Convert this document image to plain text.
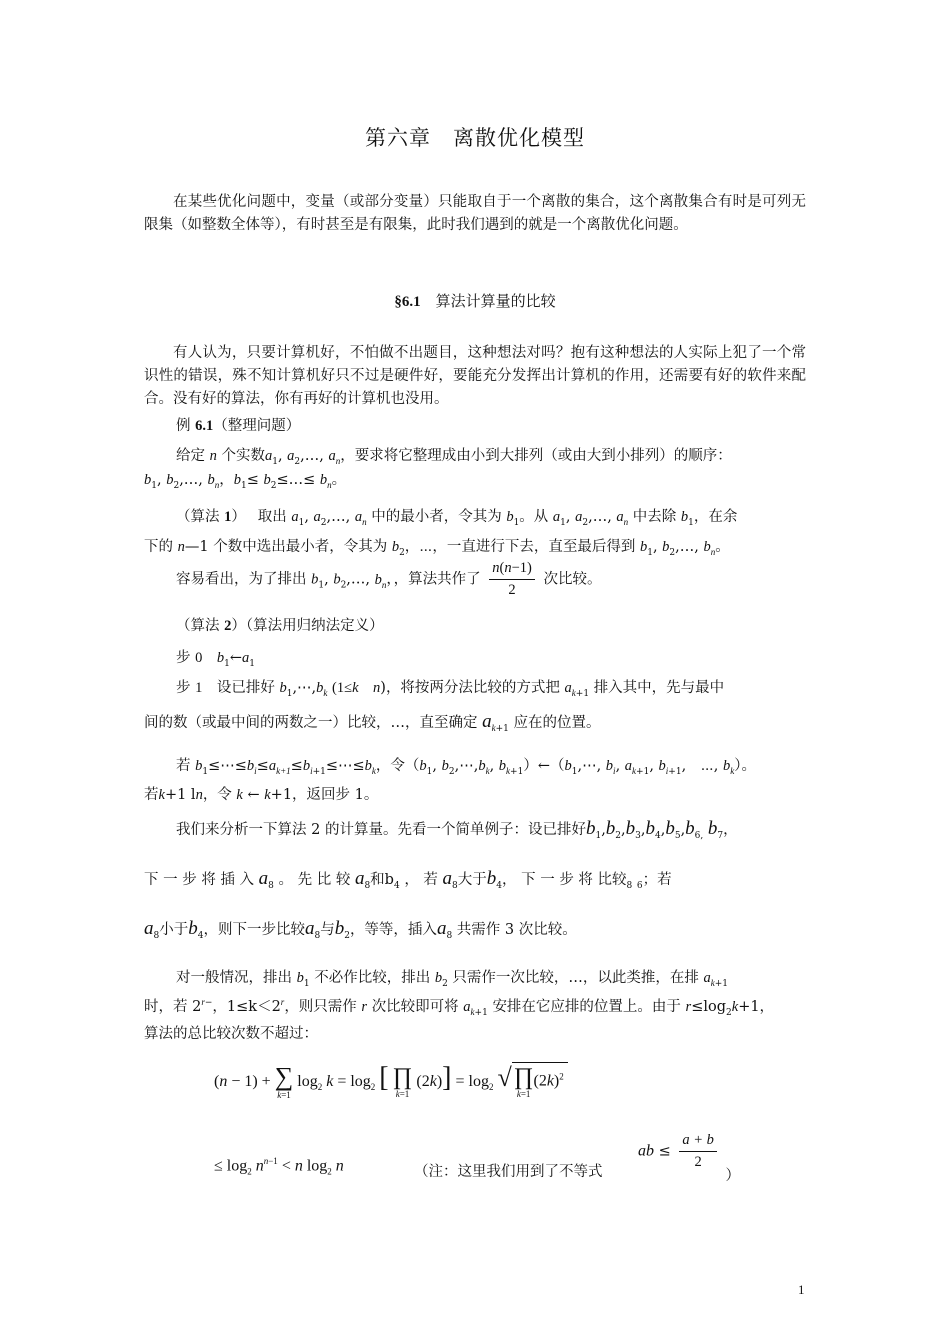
第六章　离散优化模型
在某些优化问题中，变量（或部分变量）只能取自于一个离散的集合，这个离散集合有时是可列无限集（如整数全体等），有时甚至是有限集，此时我们遇到的就是一个离散优化问题。
§6.1　 算法计算量的比较
有人认为，只要计算机好，不怕做不出题目，这种想法对吗？抱有这种想法的人实际上犯了一个常识性的错误，殊不知计算机好只不过是硬件好，要能充分发挥出计算机的作用，还需要有好的软件来配合。没有好的算法，你有再好的计算机也没用。
例 6.1（整理问题）
给定 n 个实数$a_1$, $a_2,\dots$, $a_n$，要求将它整理成由小到大排列（或由大到小排列）的顺序：
$b_1$, $b_2,\dots$, $b_n$，$b_1\le$ $b_2\le\dots\le b_n$。
（算法 1）　 取出 $a_1$, $a_2,\dots$, $a_n$ 中的最小者，令其为 $b_1$。从 $a_1$, $a_2,\dots$, $a_n$ 中去除 $b_1$，在余
下的 n—1 个数中选出最小者，令其为 $b_2$，⋯，一直进行下去，直至最后得到 $b_1$, $b_2,\dots$, $b_n$。
容易看出，为了排出 $b_1$, $b_2,\dots$, $b_n$，，算法共作了 $\frac{n(n-1)}{2}$ 次比较。
（算法 2）（算法用归纳法定义）
步 0　 $b_1\leftarrow a_1$
步 1　 设已排好 $b_1,\cdots,b_k$ (1≤k　 n)，将按两分法比较的方式把 $a_{k+1}$ 排入其中，先与最中
间的数（或最中间的两数之一）比较，…，直至确定 $a_{k+1}$ 应在的位置。
若 $b_1\le\cdots\le b_i\le a_{k+1}\le b_{i+1}\le\cdots\le b_k$，令（$b_1$, $b_2,\cdots,b_k$, $b_{k+1})\leftarrow(b_1,\cdots$, $b_i$, $a_{k+1}$, $b_{i+1}$,　⋯, $b_k$）。
若k+1 ln，令 k ← k+1，返回步 1。
我们来分析一下算法 2 的计算量。先看一个简单例子：设已排好$b_1,b_2,b_3,b_4,b_5,b_{6,}$ $b_7$，
下 一 步 将 插 入 $a_8$ 。 先 比 较 $a_8$和$b_4$ ， 若 $a_8$大于$b_4$， 下 一 步 将 比较$_8$ $_6$；若
$a_8$小于$b_4$，则下一步比较$a_8$与$b_2$，等等，插入$a_8$ 共需作 3 次比较。
对一般情况，排出 $b_1$ 不必作比较，排出 $b_2$ 只需作一次比较，…，以此类推，在排 $a_{k+1}$
时，若 $2^{r-}$，$1\le k<2^r$，则只需作 r 次比较即可将 $a_{k+1}$ 安排在它应排的位置上。由于 $r\le\log_2k+1$，
算法的总比较次数不超过：
(n − 1) + ∑
k=1
$\log_2 k = \log_2$ [ ∏
k=1
$(2k)] = \log_2$ √ ∏
k=1
$(2k)^2$
≤ $\log_2 n^{n-1} < n$ $\log_2 n$	（注：这里我们用到了不等式
ab ≤ $\frac{a + b}{2}$
）
1
